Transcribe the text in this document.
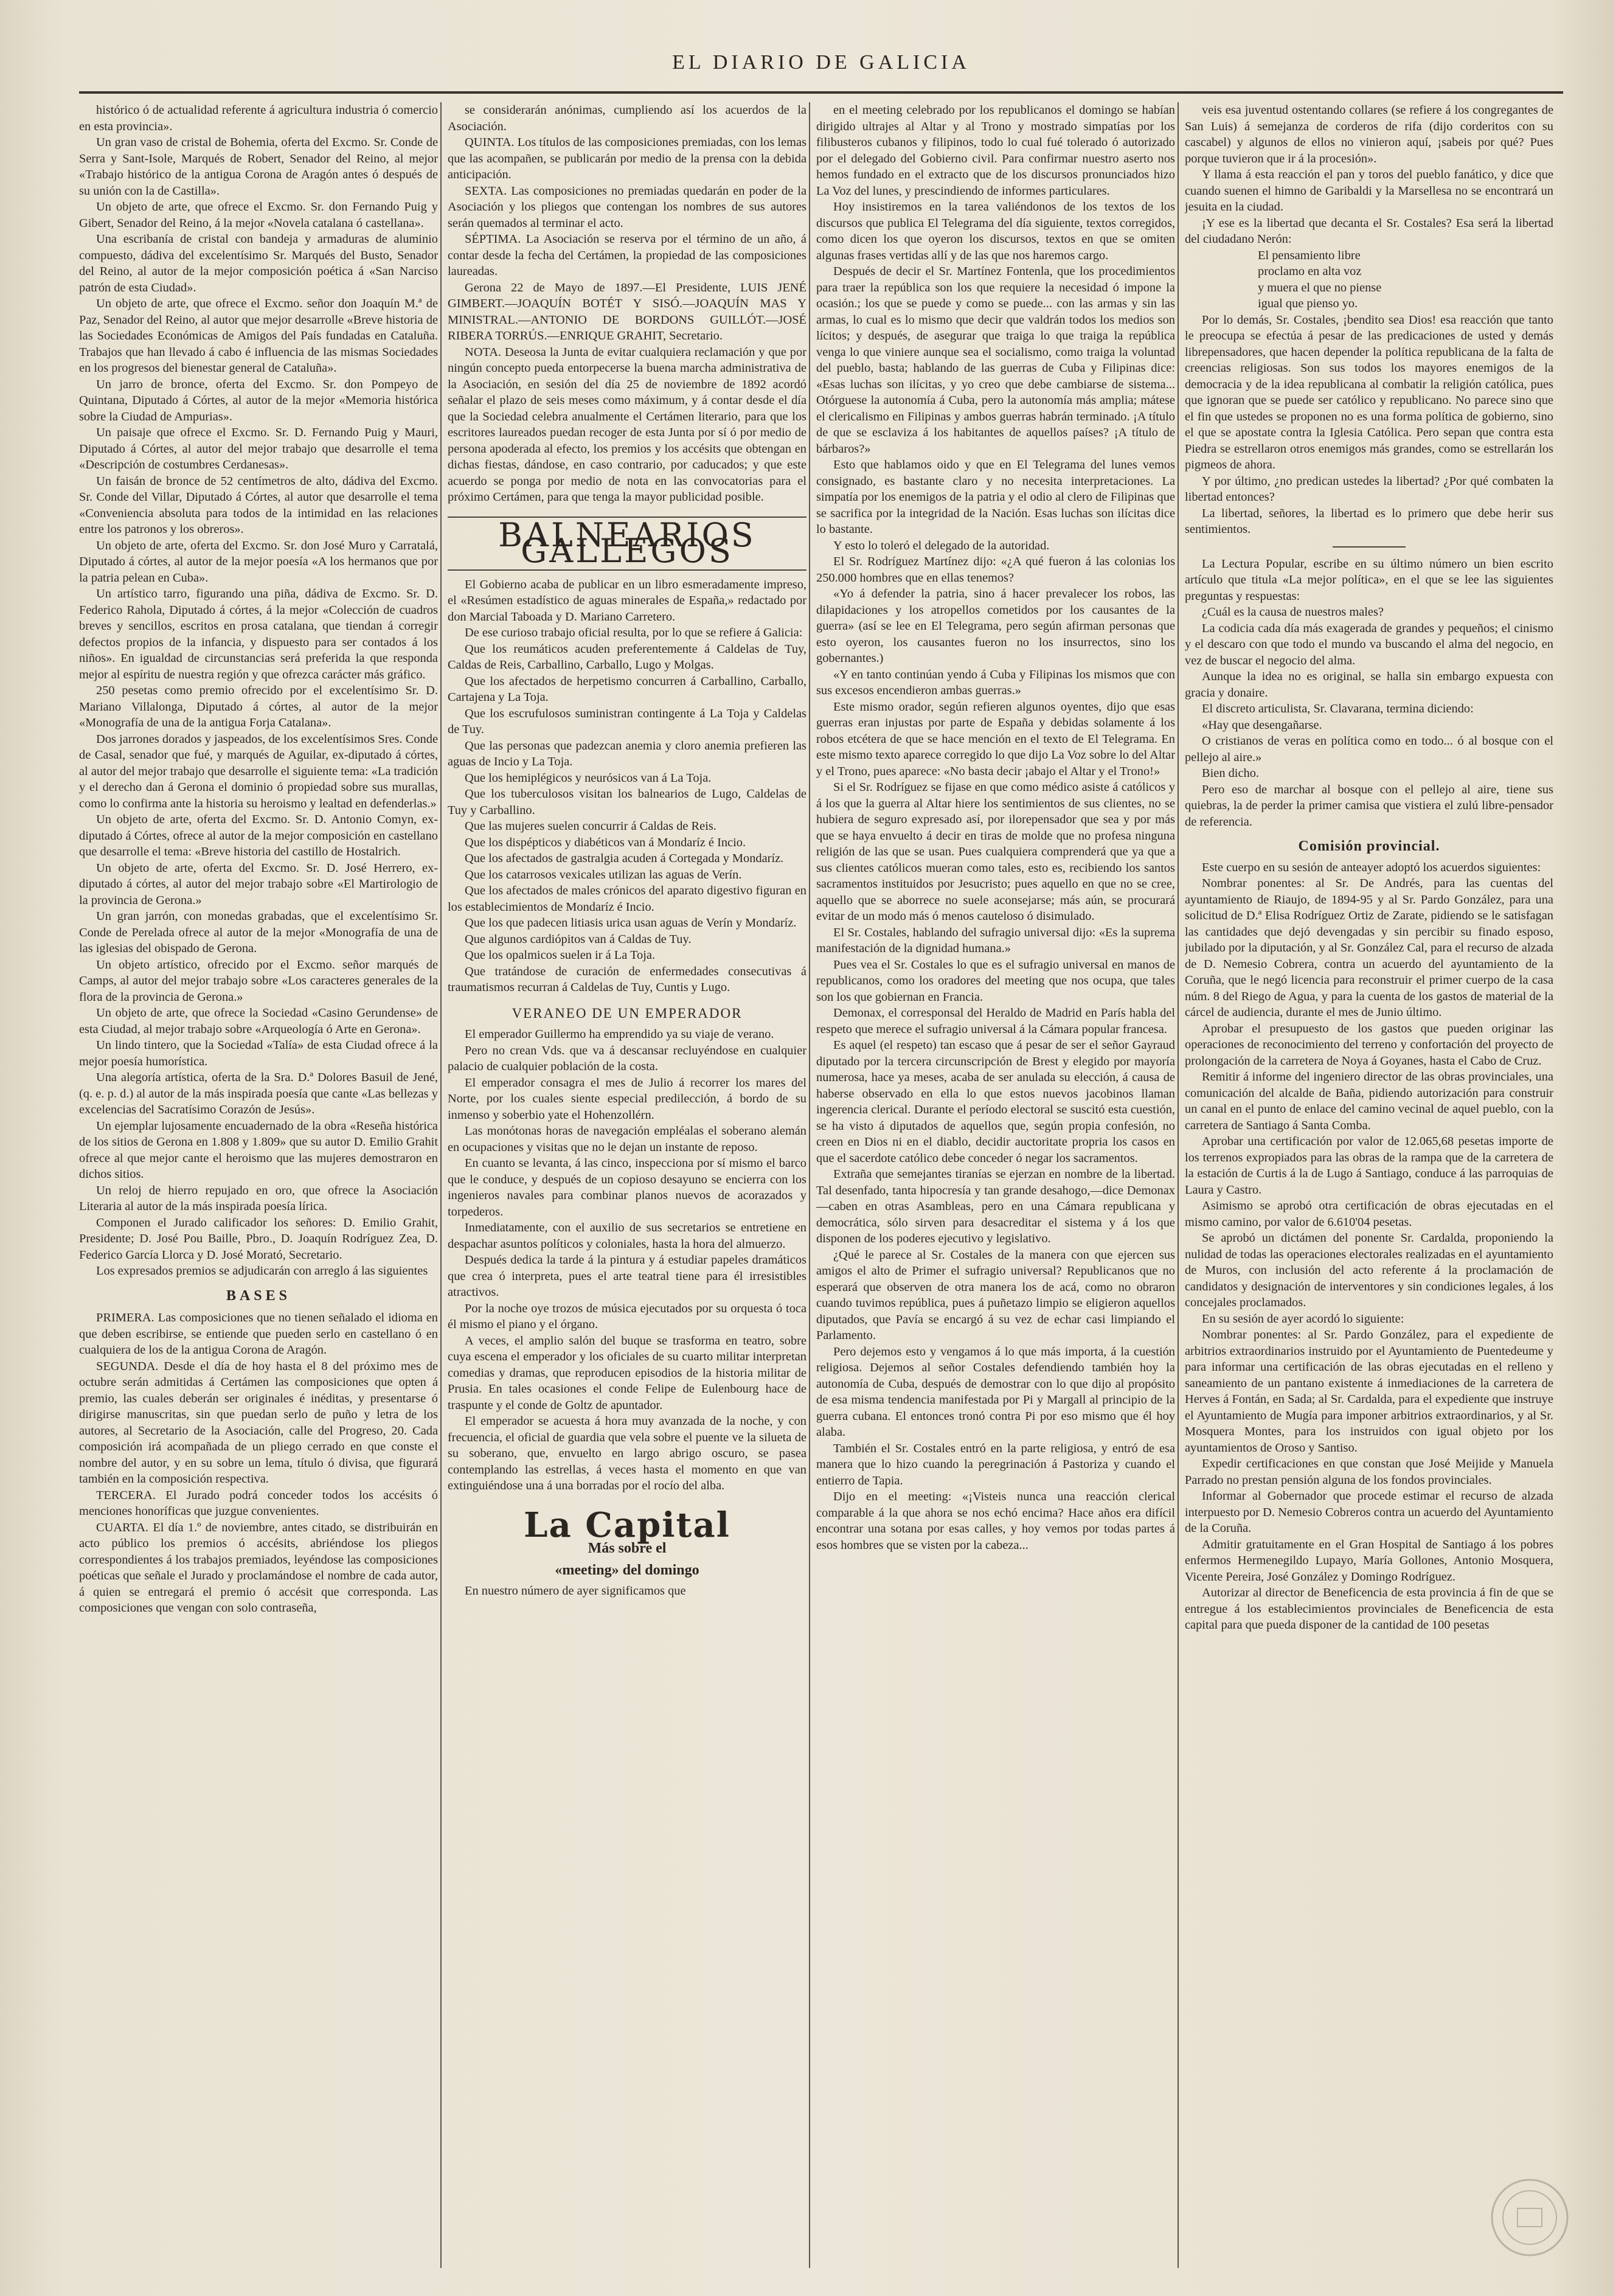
EL DIARIO DE GALICIA

histórico ó de actualidad referente á agricultura industria ó comercio en esta provincia».

Un gran vaso de cristal de Bohemia, oferta del Excmo. Sr. Conde de Serra y Sant-Isole, Marqués de Robert, Senador del Reino, al mejor «Trabajo histórico de la antigua Corona de Aragón antes ó después de su unión con la de Castilla».

Un objeto de arte, que ofrece el Excmo. Sr. don Fernando Puig y Gibert, Senador del Reino, á la mejor «Novela catalana ó castellana».

Una escribanía de cristal con bandeja y armaduras de aluminio compuesto, dádiva del excelentísimo Sr. Marqués del Busto, Senador del Reino, al autor de la mejor composición poética á «San Narciso patrón de esta Ciudad».

Un objeto de arte, que ofrece el Excmo. señor don Joaquín M.ª de Paz, Senador del Reino, al autor que mejor desarrolle «Breve historia de las Sociedades Económicas de Amigos del País fundadas en Cataluña. Trabajos que han llevado á cabo é influencia de las mismas Sociedades en los progresos del bienestar general de Cataluña».

Un jarro de bronce, oferta del Excmo. Sr. don Pompeyo de Quintana, Diputado á Córtes, al autor de la mejor «Memoria histórica sobre la Ciudad de Ampurias».

Un paisaje que ofrece el Excmo. Sr. D. Fernando Puig y Mauri, Diputado á Córtes, al autor del mejor trabajo que desarrolle el tema «Descripción de costumbres Cerdanesas».

Un faisán de bronce de 52 centímetros de alto, dádiva del Excmo. Sr. Conde del Villar, Diputado á Córtes, al autor que desarrolle el tema «Conveniencia absoluta para todos de la intimidad en las relaciones entre los patronos y los obreros».

Un objeto de arte, oferta del Excmo. Sr. don José Muro y Carratalá, Diputado á córtes, al autor de la mejor poesía «A los hermanos que por la patria pelean en Cuba».

Un artístico tarro, figurando una piña, dádiva de Excmo. Sr. D. Federico Rahola, Diputado á córtes, á la mejor «Colección de cuadros breves y sencillos, escritos en prosa catalana, que tiendan á corregir defectos propios de la infancia, y dispuesto para ser contados á los niños». En igualdad de circunstancias será preferida la que responda mejor al espíritu de nuestra región y que ofrezca carácter más gráfico.

250 pesetas como premio ofrecido por el excelentísimo Sr. D. Mariano Villalonga, Diputado á córtes, al autor de la mejor «Monografía de una de la antigua Forja Catalana».

Dos jarrones dorados y jaspeados, de los excelentísimos Sres. Conde de Casal, senador que fué, y marqués de Aguilar, ex-diputado á córtes, al autor del mejor trabajo que desarrolle el siguiente tema: «La tradición y el derecho dan á Gerona el dominio ó propiedad sobre sus murallas, como lo confirma ante la historia su heroismo y lealtad en defenderlas.»

Un objeto de arte, oferta del Excmo. Sr. D. Antonio Comyn, ex-diputado á Córtes, ofrece al autor de la mejor composición en castellano que desarrolle el tema: «Breve historia del castillo de Hostalrich.

Un objeto de arte, oferta del Excmo. Sr. D. José Herrero, ex-diputado á córtes, al autor del mejor trabajo sobre «El Martirologio de la provincia de Gerona.»

Un gran jarrón, con monedas grabadas, que el excelentísimo Sr. Conde de Perelada ofrece al autor de la mejor «Monografía de una de las iglesias del obispado de Gerona.

Un objeto artístico, ofrecido por el Excmo. señor marqués de Camps, al autor del mejor trabajo sobre «Los caracteres generales de la flora de la provincia de Gerona.»

Un objeto de arte, que ofrece la Sociedad «Casino Gerundense» de esta Ciudad, al mejor trabajo sobre «Arqueología ó Arte en Gerona».

Un lindo tintero, que la Sociedad «Talía» de esta Ciudad ofrece á la mejor poesía humorística.

Una alegoría artística, oferta de la Sra. D.ª Dolores Basuil de Jené, (q. e. p. d.) al autor de la más inspirada poesía que cante «Las bellezas y excelencias del Sacratísimo Corazón de Jesús».

Un ejemplar lujosamente encuadernado de la obra «Reseña histórica de los sitios de Gerona en 1.808 y 1.809» que su autor D. Emilio Grahit ofrece al que mejor cante el heroismo que las mujeres demostraron en dichos sitios.

Un reloj de hierro repujado en oro, que ofrece la Asociación Literaria al autor de la más inspirada poesía lírica.

Componen el Jurado calificador los señores: D. Emilio Grahit, Presidente; D. José Pou Baille, Pbro., D. Joaquín Rodríguez Zea, D. Federico García Llorca y D. José Morató, Secretario.

Los expresados premios se adjudicarán con arreglo á las siguientes

BASES

PRIMERA. Las composiciones que no tienen señalado el idioma en que deben escribirse, se entiende que pueden serlo en castellano ó en cualquiera de los de la antigua Corona de Aragón.

SEGUNDA. Desde el día de hoy hasta el 8 del próximo mes de octubre serán admitidas á Certámen las composiciones que opten á premio, las cuales deberán ser originales é inéditas, y presentarse ó dirigirse manuscritas, sin que puedan serlo de puño y letra de los autores, al Secretario de la Asociación, calle del Progreso, 20. Cada composición irá acompañada de un pliego cerrado en que conste el nombre del autor, y en su sobre un lema, título ó divisa, que figurará también en la composición respectiva.

TERCERA. El Jurado podrá conceder todos los accésits ó menciones honoríficas que juzgue convenientes.

CUARTA. El día 1.º de noviembre, antes citado, se distribuirán en acto público los premios ó accésits, abriéndose los pliegos correspondientes á los trabajos premiados, leyéndose las composiciones poéticas que señale el Jurado y proclamándose el nombre de cada autor, á quien se entregará el premio ó accésit que corresponda. Las composiciones que vengan con solo contraseña,

se considerarán anónimas, cumpliendo así los acuerdos de la Asociación.

QUINTA. Los títulos de las composiciones premiadas, con los lemas que las acompañen, se publicarán por medio de la prensa con la debida anticipación.

SEXTA. Las composiciones no premiadas quedarán en poder de la Asociación y los pliegos que contengan los nombres de sus autores serán quemados al terminar el acto.

SÉPTIMA. La Asociación se reserva por el término de un año, á contar desde la fecha del Certámen, la propiedad de las composiciones laureadas.

Gerona 22 de Mayo de 1897.—El Presidente, LUIS JENÉ GIMBERT.—JOAQUÍN BOTÉT Y SISÓ.—JOAQUÍN MAS Y MINISTRAL.—ANTONIO DE BORDONS GUILLÓT.—JOSÉ RIBERA TORRÚS.—ENRIQUE GRAHIT, Secretario.

NOTA. Deseosa la Junta de evitar cualquiera reclamación y que por ningún concepto pueda entorpecerse la buena marcha administrativa de la Asociación, en sesión del día 25 de noviembre de 1892 acordó señalar el plazo de seis meses como máximum, y á contar desde el día que la Sociedad celebra anualmente el Certámen literario, para que los escritores laureados puedan recoger de esta Junta por sí ó por medio de persona apoderada al efecto, los premios y los accésits que obtengan en dichas fiestas, dándose, en caso contrario, por caducados; y que este acuerdo se ponga por medio de nota en las convocatorias para el próximo Certámen, para que tenga la mayor publicidad posible.

BALNEARIOS GALLEGOS

El Gobierno acaba de publicar en un libro esmeradamente impreso, el «Resúmen estadístico de aguas minerales de España,» redactado por don Marcial Taboada y D. Mariano Carretero.

De ese curioso trabajo oficial resulta, por lo que se refiere á Galicia:

Que los reumáticos acuden preferentemente á Caldelas de Tuy, Caldas de Reis, Carballino, Carballo, Lugo y Molgas.

Que los afectados de herpetismo concurren á Carballino, Carballo, Cartajena y La Toja.

Que los escrufulosos suministran contingente á La Toja y Caldelas de Tuy.

Que las personas que padezcan anemia y cloro anemia prefieren las aguas de Incio y La Toja.

Que los hemiplégicos y neurósicos van á La Toja.

Que los tuberculosos visitan los balnearios de Lugo, Caldelas de Tuy y Carballino.

Que las mujeres suelen concurrir á Caldas de Reis.

Que los dispépticos y diabéticos van á Mondaríz é Incio.

Que los afectados de gastralgia acuden á Cortegada y Mondaríz.

Que los catarrosos vexicales utilizan las aguas de Verín.

Que los afectados de males crónicos del aparato digestivo figuran en los establecimientos de Mondaríz é Incio.

Que los que padecen litiasis urica usan aguas de Verín y Mondaríz.

Que algunos cardiópitos van á Caldas de Tuy.

Que los opalmicos suelen ir á La Toja.

Que tratándose de curación de enfermedades consecutivas á traumatismos recurran á Caldelas de Tuy, Cuntis y Lugo.

VERANEO DE UN EMPERADOR

El emperador Guillermo ha emprendido ya su viaje de verano.

Pero no crean Vds. que va á descansar recluyéndose en cualquier palacio de cualquier población de la costa.

El emperador consagra el mes de Julio á recorrer los mares del Norte, por los cuales siente especial predilección, á bordo de su inmenso y soberbio yate el Hohenzollérn.

Las monótonas horas de navegación empléalas el soberano alemán en ocupaciones y visitas que no le dejan un instante de reposo.

En cuanto se levanta, á las cinco, inspecciona por sí mismo el barco que le conduce, y después de un copioso desayuno se encierra con los ingenieros navales para combinar planos nuevos de acorazados y torpederos.

Inmediatamente, con el auxilio de sus secretarios se entretiene en despachar asuntos políticos y coloniales, hasta la hora del almuerzo.

Después dedica la tarde á la pintura y á estudiar papeles dramáticos que crea ó interpreta, pues el arte teatral tiene para él irresistibles atractivos.

Por la noche oye trozos de música ejecutados por su orquesta ó toca él mismo el piano y el órgano.

A veces, el amplio salón del buque se trasforma en teatro, sobre cuya escena el emperador y los oficiales de su cuarto militar interpretan comedias y dramas, que reproducen episodios de la historia militar de Prusia. En tales ocasiones el conde Felipe de Eulenbourg hace de traspunte y el conde de Goltz de apuntador.

El emperador se acuesta á hora muy avanzada de la noche, y con frecuencia, el oficial de guardia que vela sobre el puente ve la silueta de su soberano, que, envuelto en largo abrigo oscuro, se pasea contemplando las estrellas, á veces hasta el momento en que van extinguiéndose una á una borradas por el rocío del alba.

La Capital
Más sobre el
«meeting» del domingo

En nuestro número de ayer significamos que

en el meeting celebrado por los republicanos el domingo se habían dirigido ultrajes al Altar y al Trono y mostrado simpatías por los filibusteros cubanos y filipinos, todo lo cual fué tolerado ó autorizado por el delegado del Gobierno civil. Para confirmar nuestro aserto nos hemos fundado en el extracto que de los discursos pronunciados hizo La Voz del lunes, y prescindiendo de informes particulares.

Hoy insistiremos en la tarea valiéndonos de los textos de los discursos que publica El Telegrama del día siguiente, textos corregidos, como dicen los que oyeron los discursos, textos en que se omiten algunas frases vertidas allí y de las que nos haremos cargo.

Después de decir el Sr. Martínez Fontenla, que los procedimientos para traer la república son los que requiere la necesidad ó impone la ocasión.; los que se puede y como se puede... con las armas y sin las armas, lo cual es lo mismo que decir que valdrán todos los medios son lícitos; y después, de asegurar que traiga lo que traiga la república venga lo que viniere aunque sea el socialismo, como traiga la voluntad del pueblo, basta; hablando de las guerras de Cuba y Filipinas dice: «Esas luchas son ilícitas, y yo creo que debe cambiarse de sistema... Otórguese la autonomía á Cuba, pero la autonomía más amplia; mátese el clericalismo en Filipinas y ambos guerras habrán terminado. ¡A título de que se esclaviza á los habitantes de aquellos países? ¡A título de bárbaros?»

Esto que hablamos oido y que en El Telegrama del lunes vemos consignado, es bastante claro y no necesita interpretaciones. La simpatía por los enemigos de la patria y el odio al clero de Filipinas que se sacrifica por la integridad de la Nación. Esas luchas son ilícitas dice lo bastante.

Y esto lo toleró el delegado de la autoridad.

El Sr. Rodríguez Martínez dijo: «¿A qué fueron á las colonias los 250.000 hombres que en ellas tenemos?

«Yo á defender la patria, sino á hacer prevalecer los robos, las dilapidaciones y los atropellos cometidos por los causantes de la guerra» (así se lee en El Telegrama, pero según afirman personas que esto oyeron, los causantes fueron no los insurrectos, sino los gobernantes.)

«Y en tanto continúan yendo á Cuba y Filipinas los mismos que con sus excesos encendieron ambas guerras.»

Este mismo orador, según refieren algunos oyentes, dijo que esas guerras eran injustas por parte de España y debidas solamente á los robos etcétera de que se hace mención en el texto de El Telegrama. En este mismo texto aparece corregido lo que dijo La Voz sobre lo del Altar y el Trono, pues aparece: «No basta decir ¡abajo el Altar y el Trono!»

Si el Sr. Rodríguez se fijase en que como médico asiste á católicos y á los que la guerra al Altar hiere los sentimientos de sus clientes, no se hubiera de seguro expresado así, por ilorepensador que sea y por más que se haya envuelto á decir en tiras de molde que no profesa ninguna religión de las que se usan. Pues cualquiera comprenderá que ya que a sus clientes católicos mueran como tales, esto es, recibiendo los santos sacramentos instituidos por Jesucristo; pues aquello en que no se cree, aquello que se aborrece no suele aconsejarse; más aún, se procurará evitar de un modo más ó menos cauteloso ó disimulado.

El Sr. Costales, hablando del sufragio universal dijo: «Es la suprema manifestación de la dignidad humana.»

Pues vea el Sr. Costales lo que es el sufragio universal en manos de republicanos, como los oradores del meeting que nos ocupa, que tales son los que gobiernan en Francia.

Demonax, el corresponsal del Heraldo de Madrid en París habla del respeto que merece el sufragio universal á la Cámara popular francesa.

Es aquel (el respeto) tan escaso que á pesar de ser el señor Gayraud diputado por la tercera circunscripción de Brest y elegido por mayoría numerosa, hace ya meses, acaba de ser anulada su elección, á causa de haberse observado en ella lo que estos nuevos jacobinos llaman ingerencia clerical. Durante el período electoral se suscitó esta cuestión, se ha visto á diputados de aquellos que, según propia confesión, no creen en Dios ni en el diablo, decidir auctoritate propria los casos en que el sacerdote católico debe conceder ó negar los sacramentos.

Extraña que semejantes tiranías se ejerzan en nombre de la libertad. Tal desenfado, tanta hipocresía y tan grande desahogo,—dice Demonax—caben en otras Asambleas, pero en una Cámara republicana y democrática, sólo sirven para desacreditar el sistema y á los que disponen de los poderes ejecutivo y legislativo.

¿Qué le parece al Sr. Costales de la manera con que ejercen sus amigos el alto de Primer el sufragio universal? Republicanos que no esperará que observen de otra manera los de acá, como no obraron cuando tuvimos república, pues á puñetazo limpio se eligieron aquellos diputados, que Pavía se encargó á su vez de echar casi limpiando el Parlamento.

Pero dejemos esto y vengamos á lo que más importa, á la cuestión religiosa. Dejemos al señor Costales defendiendo también hoy la autonomía de Cuba, después de demostrar con lo que dijo al propósito de esa misma tendencia manifestada por Pi y Margall al principio de la guerra cubana. El entonces tronó contra Pi por eso mismo que él hoy alaba.

También el Sr. Costales entró en la parte religiosa, y entró de esa manera que lo hizo cuando la peregrinación á Pastoriza y cuando el entierro de Tapia.

Dijo en el meeting: «¡Visteis nunca una reacción clerical comparable á la que ahora se nos echó encima? Hace años era difícil encontrar una sotana por esas calles, y hoy vemos por todas partes á esos hombres que se visten por la cabeza...

veis esa juventud ostentando collares (se refiere á los congregantes de San Luis) á semejanza de corderos de rifa (dijo corderitos con su cascabel) y algunos de ellos no vinieron aquí, ¡sabeis por qué? Pues porque tuvieron que ir á la procesión».

Y llama á esta reacción el pan y toros del pueblo fanático, y dice que cuando suenen el himno de Garibaldi y la Marsellesa no se encontrará un jesuita en la ciudad.

¡Y ese es la libertad que decanta el Sr. Costales? Esa será la libertad del ciudadano Nerón:

El pensamiento libre

proclamo en alta voz

y muera el que no piense

igual que pienso yo.

Por lo demás, Sr. Costales, ¡bendito sea Dios! esa reacción que tanto le preocupa se efectúa á pesar de las predicaciones de usted y demás librepensadores, que hacen depender la política republicana de la falta de creencias religiosas. Son sus todos los mayores enemigos de la democracia y de la idea republicana al combatir la religión católica, pues que ignoran que se puede ser católico y republicano. No parece sino que el fin que ustedes se proponen no es una forma política de gobierno, sino el que se apostate contra la Iglesia Católica. Pero sepan que contra esta Piedra se estrellaron otros enemigos más grandes, como se estrellarán los pigmeos de ahora.

Y por último, ¿no predican ustedes la libertad? ¿Por qué combaten la libertad entonces?

La libertad, señores, la libertad es lo primero que debe herir sus sentimientos.

La Lectura Popular, escribe en su último número un bien escrito artículo que titula «La mejor política», en el que se lee las siguientes preguntas y respuestas:

¿Cuál es la causa de nuestros males?

La codicia cada día más exagerada de grandes y pequeños; el cinismo y el descaro con que todo el mundo va buscando el alma del negocio, en vez de buscar el negocio del alma.

Aunque la idea no es original, se halla sin embargo expuesta con gracia y donaire.

El discreto articulista, Sr. Clavarana, termina diciendo:

«Hay que desengañarse.

O cristianos de veras en política como en todo... ó al bosque con el pellejo al aire.»

Bien dicho.

Pero eso de marchar al bosque con el pellejo al aire, tiene sus quiebras, la de perder la primer camisa que vistiera el zulú libre-pensador de referencia.

Comisión provincial.

Este cuerpo en su sesión de anteayer adoptó los acuerdos siguientes:

Nombrar ponentes: al Sr. De Andrés, para las cuentas del ayuntamiento de Riaujo, de 1894-95 y al Sr. Pardo González, para una solicitud de D.ª Elisa Rodríguez Ortiz de Zarate, pidiendo se le satisfagan las cantidades que dejó devengadas y sin percibir su finado esposo, jubilado por la diputación, y al Sr. González Cal, para el recurso de alzada de D. Nemesio Cobrera, contra un acuerdo del ayuntamiento de la Coruña, que le negó licencia para reconstruir el primer cuerpo de la casa núm. 8 del Riego de Agua, y para la cuenta de los gastos de material de la cárcel de audiencia, durante el mes de Junio último.

Aprobar el presupuesto de los gastos que pueden originar las operaciones de reconocimiento del terreno y confortación del proyecto de prolongación de la carretera de Noya á Goyanes, hasta el Cabo de Cruz.

Remitir á informe del ingeniero director de las obras provinciales, una comunicación del alcalde de Baña, pidiendo autorización para construir un canal en el punto de enlace del camino vecinal de aquel pueblo, con la carretera de Santiago á Santa Comba.

Aprobar una certificación por valor de 12.065,68 pesetas importe de los terrenos expropiados para las obras de la rampa que de la carretera de la estación de Curtis á la de Lugo á Santiago, conduce á las parroquias de Laura y Castro.

Asimismo se aprobó otra certificación de obras ejecutadas en el mismo camino, por valor de 6.610'04 pesetas.

Se aprobó un dictámen del ponente Sr. Cardalda, proponiendo la nulidad de todas las operaciones electorales realizadas en el ayuntamiento de Muros, con inclusión del acto referente á la proclamación de candidatos y designación de interventores y sin condiciones legales, á los concejales proclamados.

En su sesión de ayer acordó lo siguiente:

Nombrar ponentes: al Sr. Pardo González, para el expediente de arbitrios extraordinarios instruido por el Ayuntamiento de Puentedeume y para informar una certificación de las obras ejecutadas en el relleno y saneamiento de un pantano existente á inmediaciones de la carretera de Herves á Fontán, en Sada; al Sr. Cardalda, para el expediente que instruye el Ayuntamiento de Mugía para imponer arbitrios extraordinarios, y al Sr. Mosquera Montes, para los instruidos con igual objeto por los ayuntamientos de Oroso y Santiso.

Expedir certificaciones en que constan que José Meijide y Manuela Parrado no prestan pensión alguna de los fondos provinciales.

Informar al Gobernador que procede estimar el recurso de alzada interpuesto por D. Nemesio Cobreros contra un acuerdo del Ayuntamiento de la Coruña.

Admitir gratuitamente en el Gran Hospital de Santiago á los pobres enfermos Hermenegildo Lupayo, María Gollones, Antonio Mosquera, Vicente Pereira, José González y Domingo Rodríguez.

Autorizar al director de Beneficencia de esta provincia á fin de que se entregue á los establecimientos provinciales de Beneficencia de esta capital para que pueda disponer de la cantidad de 100 pesetas
